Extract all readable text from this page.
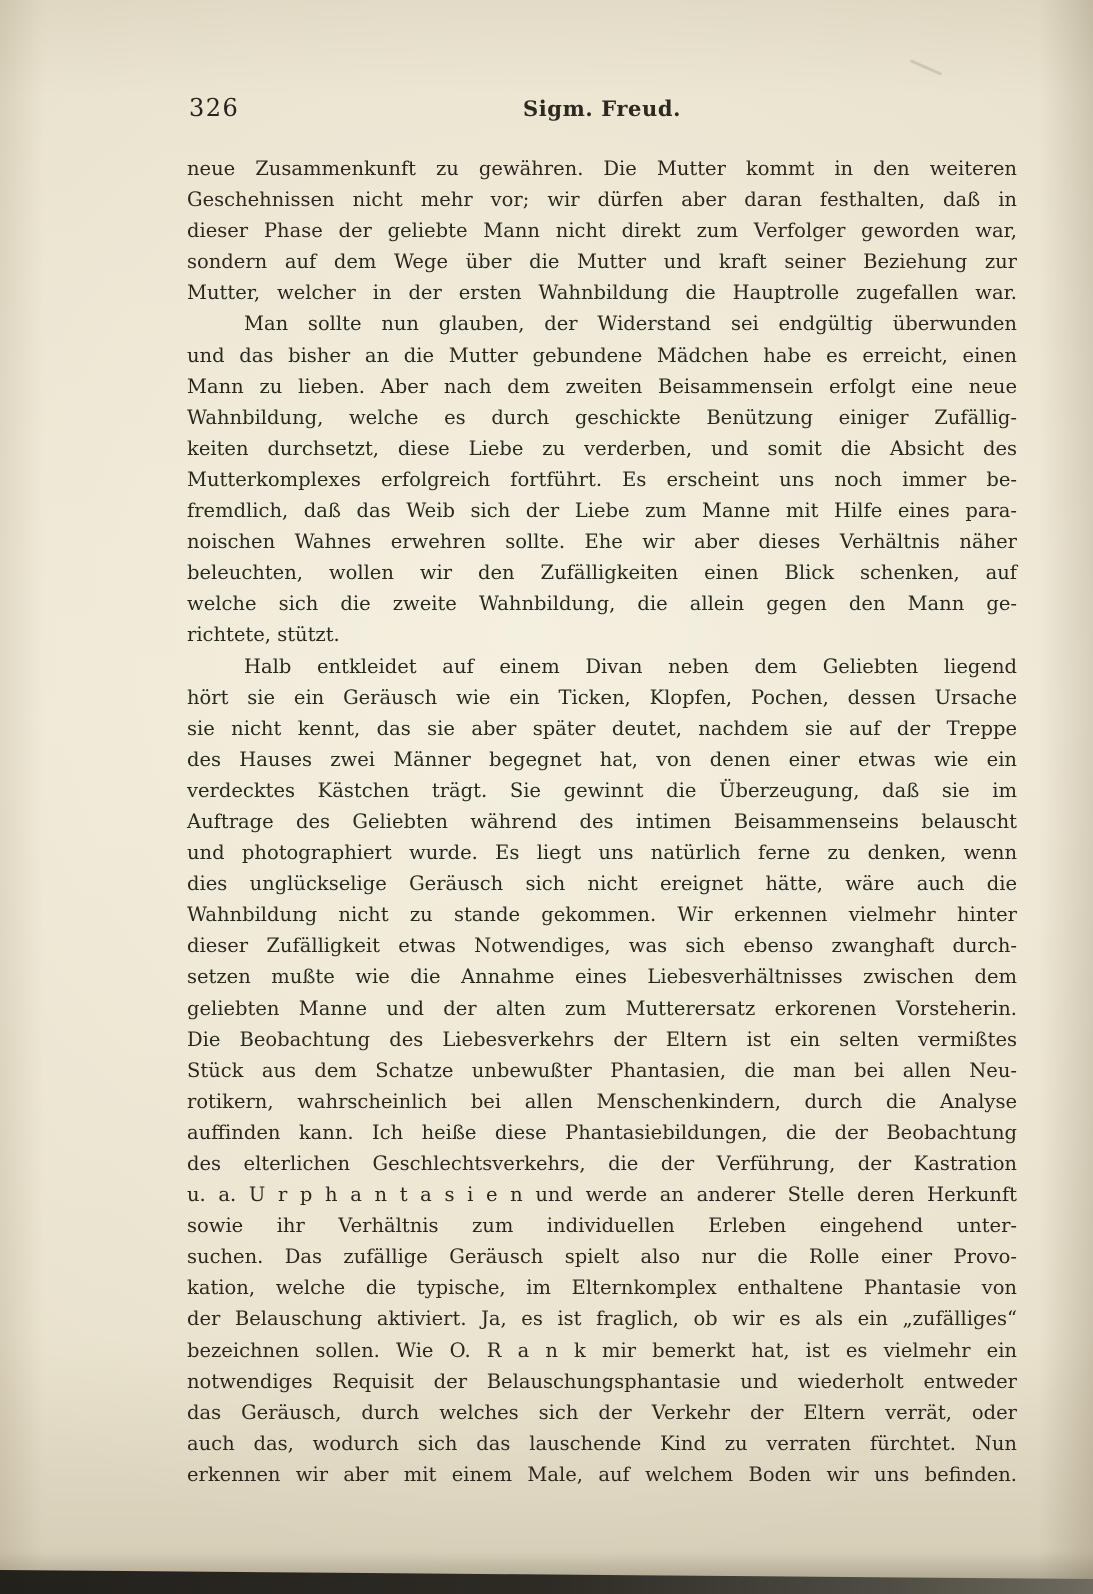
326	Sigm. Freud.
neue Zusammenkunft zu gewähren. Die Mutter kommt in den weiteren
Geschehnissen nicht mehr vor; wir dürfen aber daran festhalten, daß in
dieser Phase der geliebte Mann nicht direkt zum Verfolger geworden war,
sondern auf dem Wege über die Mutter und kraft seiner Beziehung zur
Mutter, welcher in der ersten Wahnbildung die Hauptrolle zugefallen war.
Man sollte nun glauben, der Widerstand sei endgültig überwunden
und das bisher an die Mutter gebundene Mädchen habe es erreicht, einen
Mann zu lieben. Aber nach dem zweiten Beisammensein erfolgt eine neue
Wahnbildung, welche es durch geschickte Benützung einiger Zufällig-
keiten durchsetzt, diese Liebe zu verderben, und somit die Absicht des
Mutterkomplexes erfolgreich fortführt. Es erscheint uns noch immer be-
fremdlich, daß das Weib sich der Liebe zum Manne mit Hilfe eines para-
noischen Wahnes erwehren sollte. Ehe wir aber dieses Verhältnis näher
beleuchten, wollen wir den Zufälligkeiten einen Blick schenken, auf
welche sich die zweite Wahnbildung, die allein gegen den Mann ge-
richtete, stützt.
Halb entkleidet auf einem Divan neben dem Geliebten liegend
hört sie ein Geräusch wie ein Ticken, Klopfen, Pochen, dessen Ursache
sie nicht kennt, das sie aber später deutet, nachdem sie auf der Treppe
des Hauses zwei Männer begegnet hat, von denen einer etwas wie ein
verdecktes Kästchen trägt. Sie gewinnt die Überzeugung, daß sie im
Auftrage des Geliebten während des intimen Beisammenseins belauscht
und photographiert wurde. Es liegt uns natürlich ferne zu denken, wenn
dies unglückselige Geräusch sich nicht ereignet hätte, wäre auch die
Wahnbildung nicht zu stande gekommen. Wir erkennen vielmehr hinter
dieser Zufälligkeit etwas Notwendiges, was sich ebenso zwanghaft durch-
setzen mußte wie die Annahme eines Liebesverhältnisses zwischen dem
geliebten Manne und der alten zum Mutterersatz erkorenen Vorsteherin.
Die Beobachtung des Liebesverkehrs der Eltern ist ein selten vermißtes
Stück aus dem Schatze unbewußter Phantasien, die man bei allen Neu-
rotikern, wahrscheinlich bei allen Menschenkindern, durch die Analyse
auffinden kann. Ich heiße diese Phantasiebildungen, die der Beobachtung
des elterlichen Geschlechtsverkehrs, die der Verführung, der Kastration
u. a. U r p h a n t a s i e n und werde an anderer Stelle deren Herkunft
sowie ihr Verhältnis zum individuellen Erleben eingehend unter-
suchen. Das zufällige Geräusch spielt also nur die Rolle einer Provo-
kation, welche die typische, im Elternkomplex enthaltene Phantasie von
der Belauschung aktiviert. Ja, es ist fraglich, ob wir es als ein „zufälliges“
bezeichnen sollen. Wie O. R a n k mir bemerkt hat, ist es vielmehr ein
notwendiges Requisit der Belauschungsphantasie und wiederholt entweder
das Geräusch, durch welches sich der Verkehr der Eltern verrät, oder
auch das, wodurch sich das lauschende Kind zu verraten fürchtet. Nun
erkennen wir aber mit einem Male, auf welchem Boden wir uns befinden.
